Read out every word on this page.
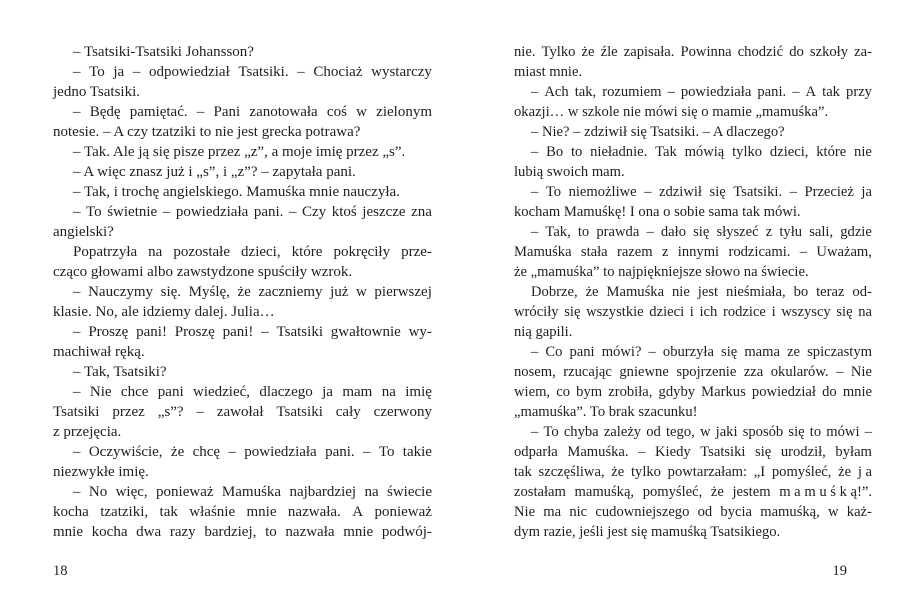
– Tsatsiki-Tsatsiki Johansson?
– To ja – odpowiedział Tsatsiki. – Chociaż wystarczy
jedno Tsatsiki.
– Będę pamiętać. – Pani zanotowała coś w zielonym
notesie. – A czy tzatziki to nie jest grecka potrawa?
– Tak. Ale ją się pisze przez „z”, a moje imię przez „s”.
– A więc znasz już i „s”, i „z”? – zapytała pani.
– Tak, i trochę angielskiego. Mamuśka mnie nauczyła.
– To świetnie – powiedziała pani. – Czy ktoś jeszcze zna
angielski?
Popatrzyła na pozostałe dzieci, które pokręciły prze-
cząco głowami albo zawstydzone spuściły wzrok.
– Nauczymy się. Myślę, że zaczniemy już w pierwszej
klasie. No, ale idziemy dalej. Julia…
– Proszę pani! Proszę pani! – Tsatsiki gwałtownie wy-
machiwał ręką.
– Tak, Tsatsiki?
– Nie chce pani wiedzieć, dlaczego ja mam na imię
Tsatsiki przez „s”? – zawołał Tsatsiki cały czerwony
z przejęcia.
– Oczywiście, że chcę – powiedziała pani. – To takie
niezwykłe imię.
– No więc, ponieważ Mamuśka najbardziej na świecie
kocha tzatziki, tak właśnie mnie nazwała. A ponieważ
mnie kocha dwa razy bardziej, to nazwała mnie podwój-
nie. Tylko że źle zapisała. Powinna chodzić do szkoły za-
miast mnie.
– Ach tak, rozumiem – powiedziała pani. – A tak przy
okazji… w szkole nie mówi się o mamie „mamuśka”.
– Nie? – zdziwił się Tsatsiki. – A dlaczego?
– Bo to nieładnie. Tak mówią tylko dzieci, które nie
lubią swoich mam.
– To niemożliwe – zdziwił się Tsatsiki. – Przecież ja
kocham Mamuśkę! I ona o sobie sama tak mówi.
– Tak, to prawda – dało się słyszeć z tyłu sali, gdzie
Mamuśka stała razem z innymi rodzicami. – Uważam,
że „mamuśka” to najpiękniejsze słowo na świecie.
Dobrze, że Mamuśka nie jest nieśmiała, bo teraz od-
wróciły się wszystkie dzieci i ich rodzice i wszyscy się na
nią gapili.
– Co pani mówi? – oburzyła się mama ze spiczastym
nosem, rzucając gniewne spojrzenie zza okularów. – Nie
wiem, co bym zrobiła, gdyby Markus powiedział do mnie
„mamuśka”. To brak szacunku!
– To chyba zależy od tego, w jaki sposób się to mówi –
odparła Mamuśka. – Kiedy Tsatsiki się urodził, byłam
tak szczęśliwa, że tylko powtarzałam: „I pomyśleć, że j a
zostałam mamuśką, pomyśleć, że jestem m a m u ś k ą!”.
Nie ma nic cudowniejszego od bycia mamuśką, w każ-
dym razie, jeśli jest się mamuśką Tsatsikiego.
18	19
